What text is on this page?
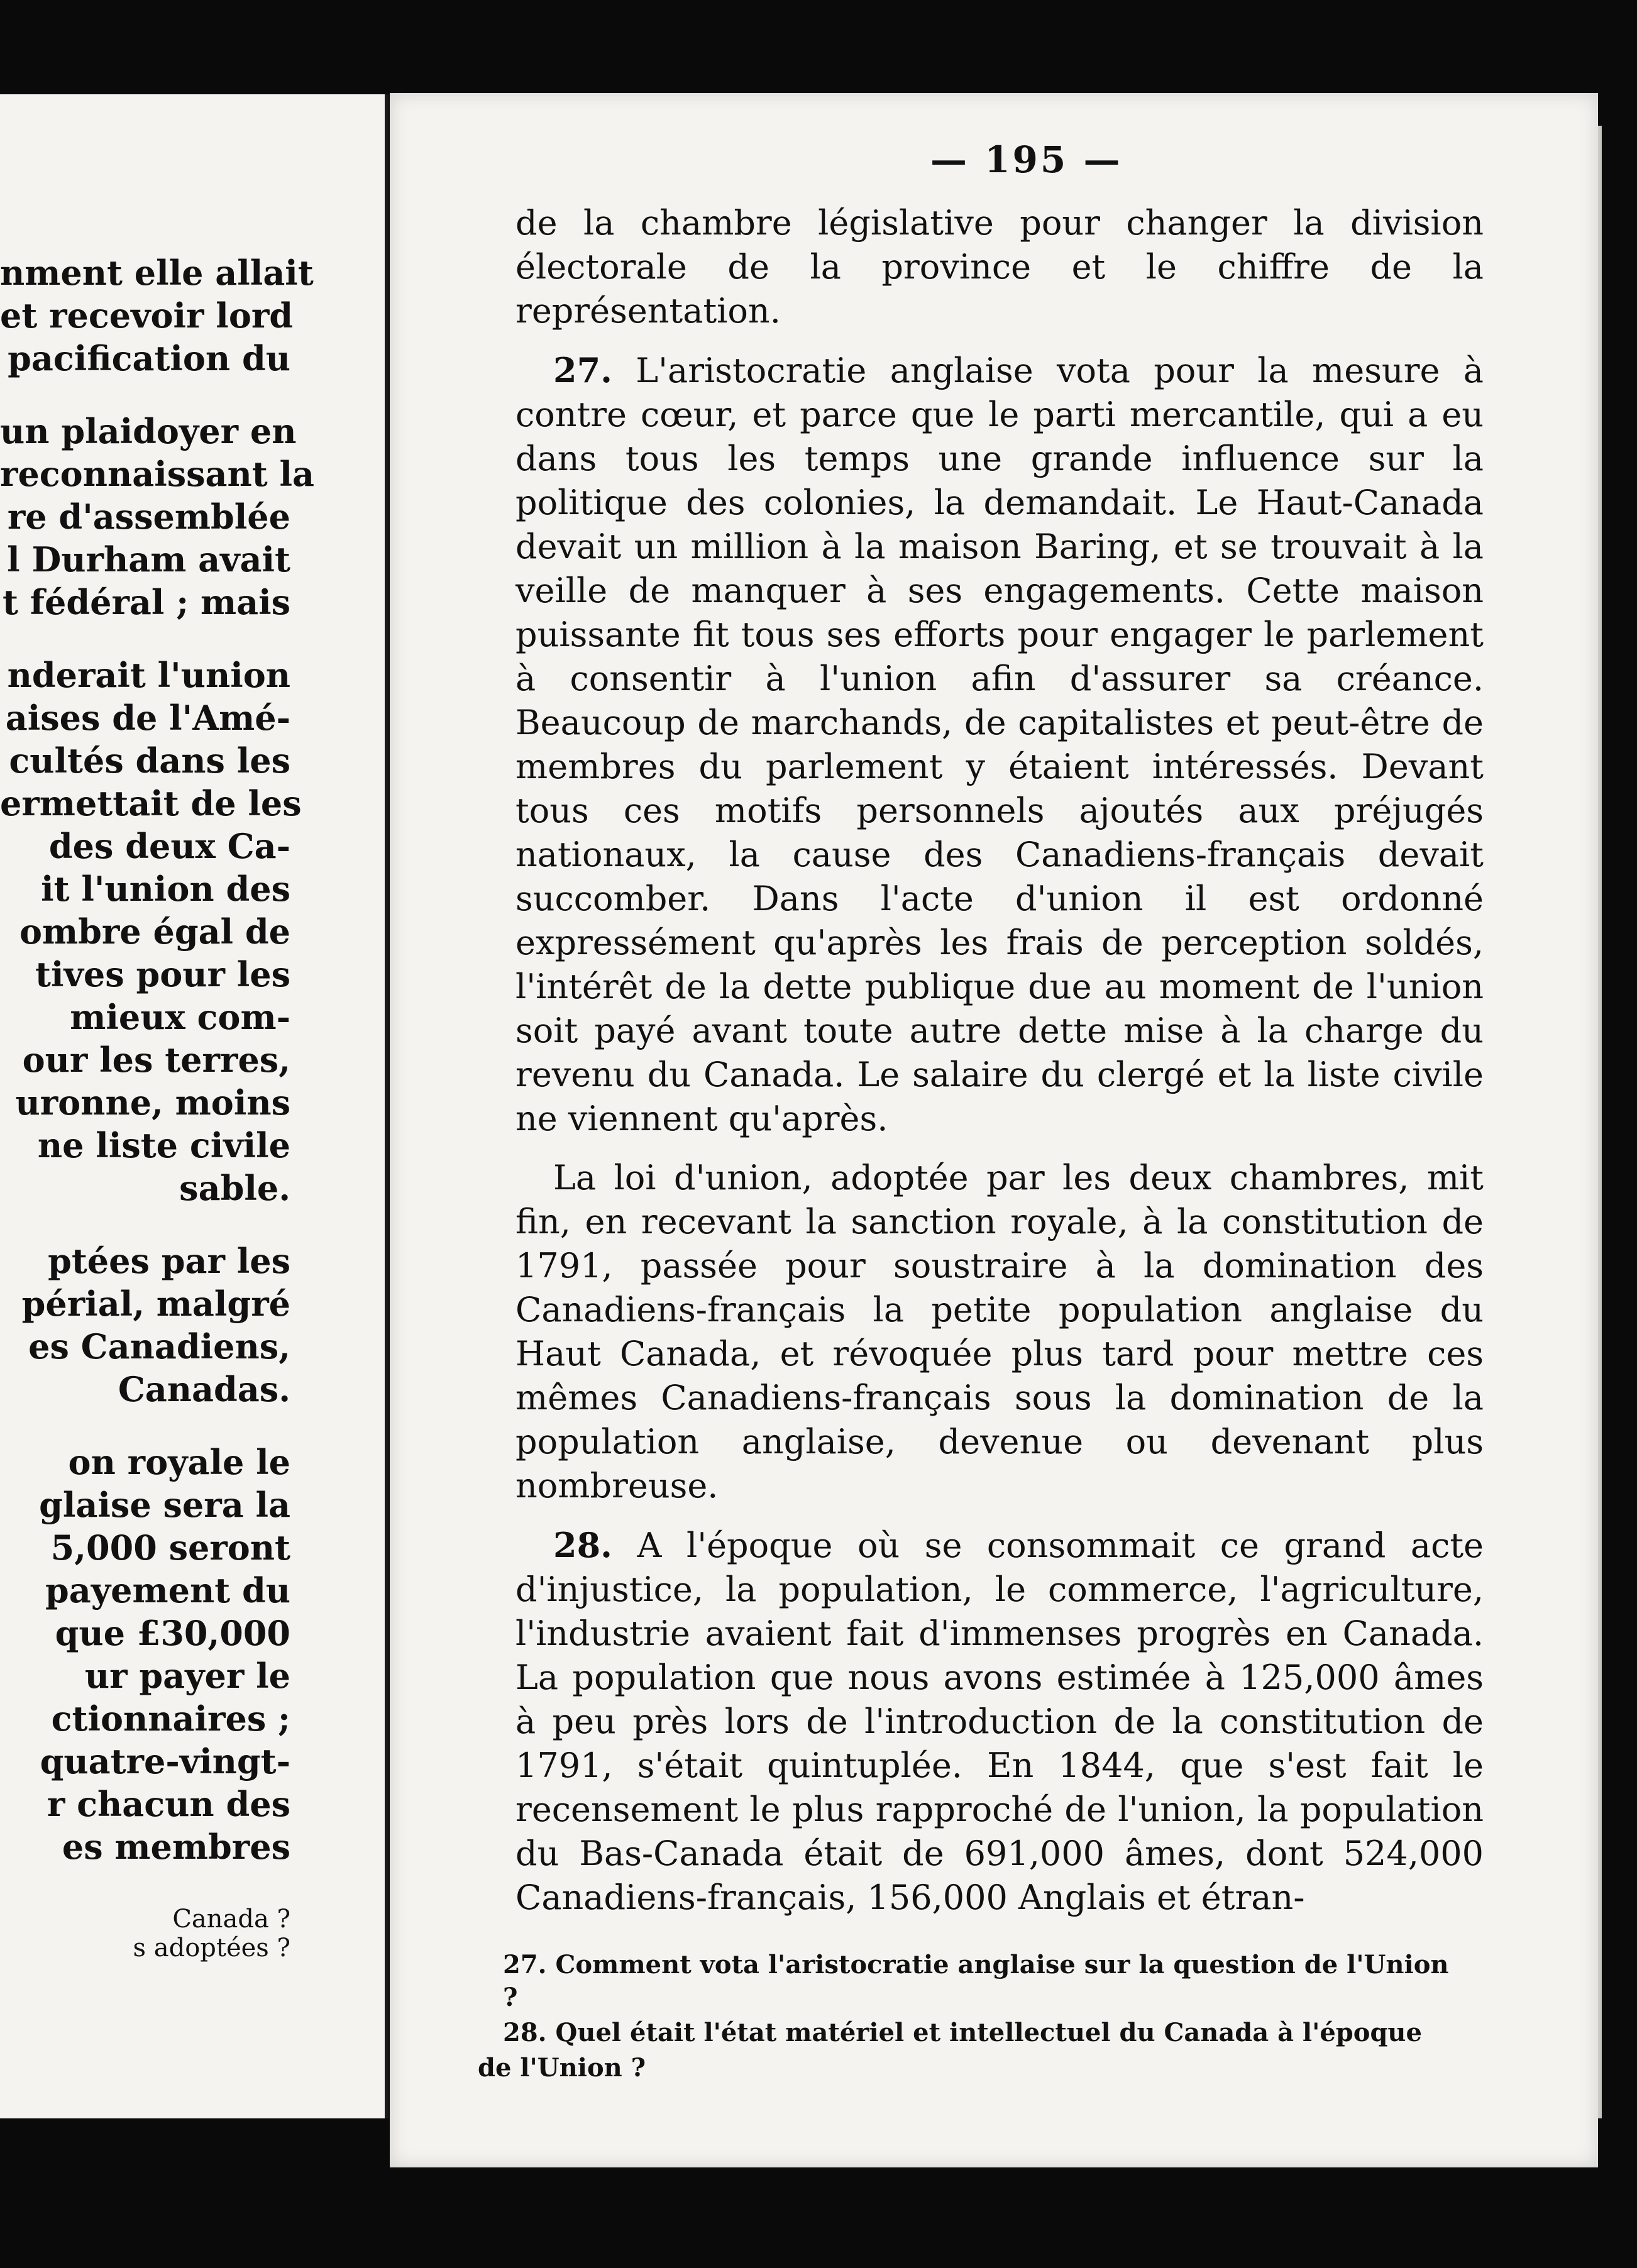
nment elle allait
et recevoir lord
pacification du
un plaidoyer en
reconnaissant la
re d'assemblée
l Durham avait
t fédéral ; mais
nderait l'union
aises de l'Amé-
cultés dans les
ermettait de les
des deux Ca-
it l'union des
ombre égal de
tives pour les
mieux com-
our les terres,
uronne, moins
ne liste civile
sable.
ptées par les
périal, malgré
es Canadiens,
Canadas.
on royale le
glaise sera la
5,000 seront
payement du
que £30,000
ur payer le
ctionnaires ;
quatre-vingt-
r chacun des
es membres
Canada ?
s adoptées ?
— 195 —

de la chambre législative pour changer la division électorale de la province et le chiffre de la représentation.

27. L'aristocratie anglaise vota pour la mesure à contre cœur, et parce que le parti mercantile, qui a eu dans tous les temps une grande influence sur la politique des colonies, la demandait. Le Haut-Canada devait un million à la maison Baring, et se trouvait à la veille de manquer à ses engagements. Cette maison puissante fit tous ses efforts pour engager le parlement à consentir à l'union afin d'assurer sa créance. Beaucoup de marchands, de capitalistes et peut-être de membres du parlement y étaient intéressés. Devant tous ces motifs personnels ajoutés aux préjugés nationaux, la cause des Canadiens-français devait succomber. Dans l'acte d'union il est ordonné expressément qu'après les frais de perception soldés, l'intérêt de la dette publique due au moment de l'union soit payé avant toute autre dette mise à la charge du revenu du Canada. Le salaire du clergé et la liste civile ne viennent qu'après.

La loi d'union, adoptée par les deux chambres, mit fin, en recevant la sanction royale, à la constitution de 1791, passée pour soustraire à la domination des Canadiens-français la petite population anglaise du Haut Canada, et révoquée plus tard pour mettre ces mêmes Canadiens-français sous la domination de la population anglaise, devenue ou devenant plus nombreuse.

28. A l'époque où se consommait ce grand acte d'injustice, la population, le commerce, l'agriculture, l'industrie avaient fait d'immenses progrès en Canada. La population que nous avons estimée à 125,000 âmes à peu près lors de l'introduction de la constitution de 1791, s'était quintuplée. En 1844, que s'est fait le recensement le plus rapproché de l'union, la population du Bas-Canada était de 691,000 âmes, dont 524,000 Canadiens-français, 156,000 Anglais et étran-

27. Comment vota l'aristocratie anglaise sur la question de l'Union ?
28. Quel était l'état matériel et intellectuel du Canada à l'époque
de l'Union ?
